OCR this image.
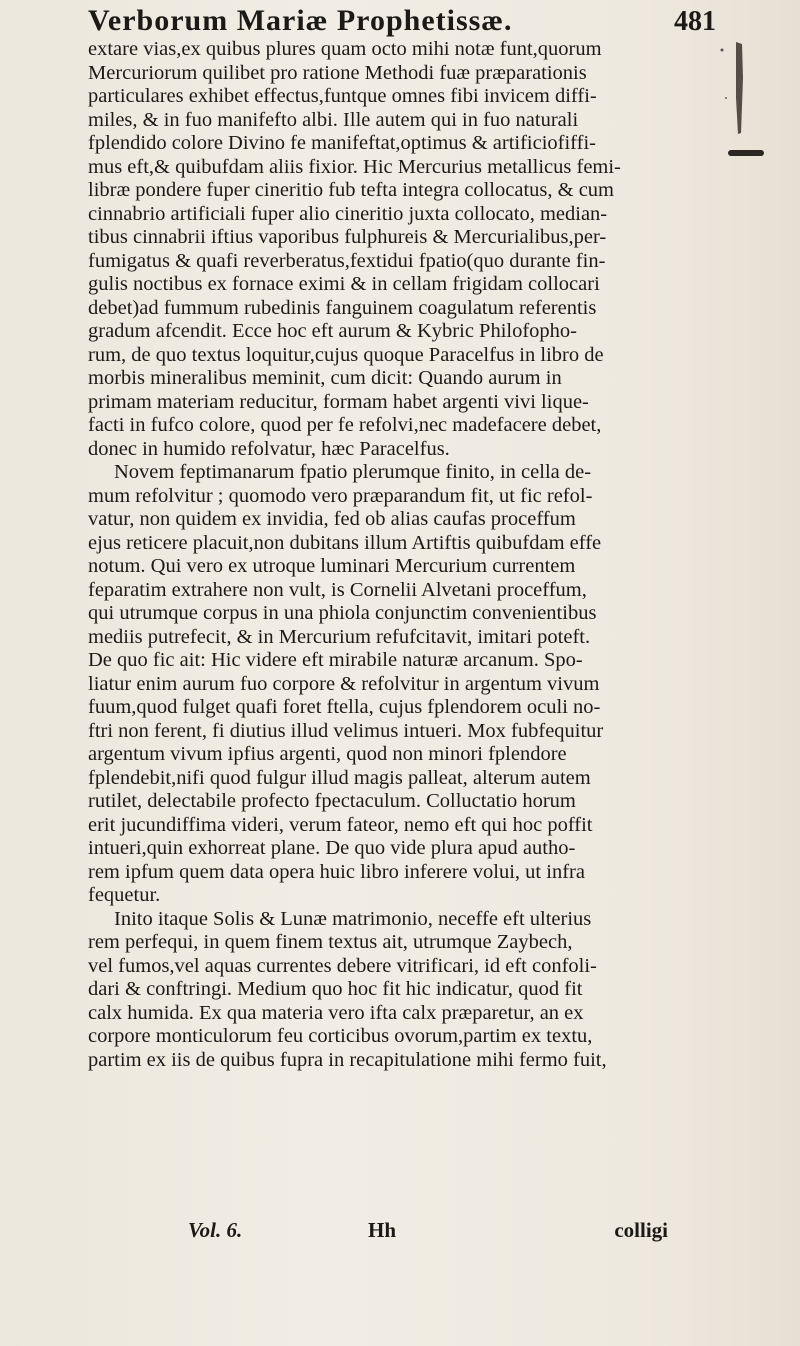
Verborum Mariæ Prophetissæ.	481
extare vias,ex quibus plures quam octo mihi notæ funt,quorum
Mercuriorum quilibet pro ratione Methodi fuæ præparationis
particulares exhibet effectus,funtque omnes fibi invicem diffi-
miles, & in fuo manifefto albi. Ille autem qui in fuo naturali
fplendido colore Divino fe manifeftat,optimus & artificiofiffi-
mus eft,& quibufdam aliis fixior. Hic Mercurius metallicus femi-
libræ pondere fuper cineritio fub tefta integra collocatus, & cum
cinnabrio artificiali fuper alio cineritio juxta collocato, median-
tibus cinnabrii iftius vaporibus fulphureis & Mercurialibus,per-
fumigatus & quafi reverberatus,fextidui fpatio(quo durante fin-
gulis noctibus ex fornace eximi & in cellam frigidam collocari
debet)ad fummum rubedinis fanguinem coagulatum referentis
gradum afcendit. Ecce hoc eft aurum & Kybric Philofopho-
rum, de quo textus loquitur,cujus quoque Paracelfus in libro de
morbis mineralibus meminit, cum dicit: Quando aurum in
primam materiam reducitur, formam habet argenti vivi lique-
facti in fufco colore, quod per fe refolvi,nec madefacere debet,
donec in humido refolvatur, hæc Paracelfus.
Novem feptimanarum fpatio plerumque finito, in cella de-
mum refolvitur ; quomodo vero præparandum fit, ut fic refol-
vatur, non quidem ex invidia, fed ob alias caufas proceffum
ejus reticere placuit,non dubitans illum Artiftis quibufdam effe
notum. Qui vero ex utroque luminari Mercurium currentem
feparatim extrahere non vult, is Cornelii Alvetani proceffum,
qui utrumque corpus in una phiola conjunctim convenientibus
mediis putrefecit, & in Mercurium refufcitavit, imitari poteft.
De quo fic ait: Hic videre eft mirabile naturæ arcanum. Spo-
liatur enim aurum fuo corpore & refolvitur in argentum vivum
fuum,quod fulget quafi foret ftella, cujus fplendorem oculi no-
ftri non ferent, fi diutius illud velimus intueri. Mox fubfequitur
argentum vivum ipfius argenti, quod non minori fplendore
fplendebit,nifi quod fulgur illud magis palleat, alterum autem
rutilet, delectabile profecto fpectaculum. Colluctatio horum
erit jucundiffima videri, verum fateor, nemo eft qui hoc poffit
intueri,quin exhorreat plane. De quo vide plura apud autho-
rem ipfum quem data opera huic libro inferere volui, ut infra
fequetur.
Inito itaque Solis & Lunæ matrimonio, neceffe eft ulterius
rem perfequi, in quem finem textus ait, utrumque Zaybech,
vel fumos,vel aquas currentes debere vitrificari, id eft confoli-
dari & conftringi. Medium quo hoc fit hic indicatur, quod fit
calx humida. Ex qua materia vero ifta calx præparetur, an ex
corpore monticulorum feu corticibus ovorum,partim ex textu,
partim ex iis de quibus fupra in recapitulatione mihi fermo fuit,
Vol. 6.	Hh	colligi
